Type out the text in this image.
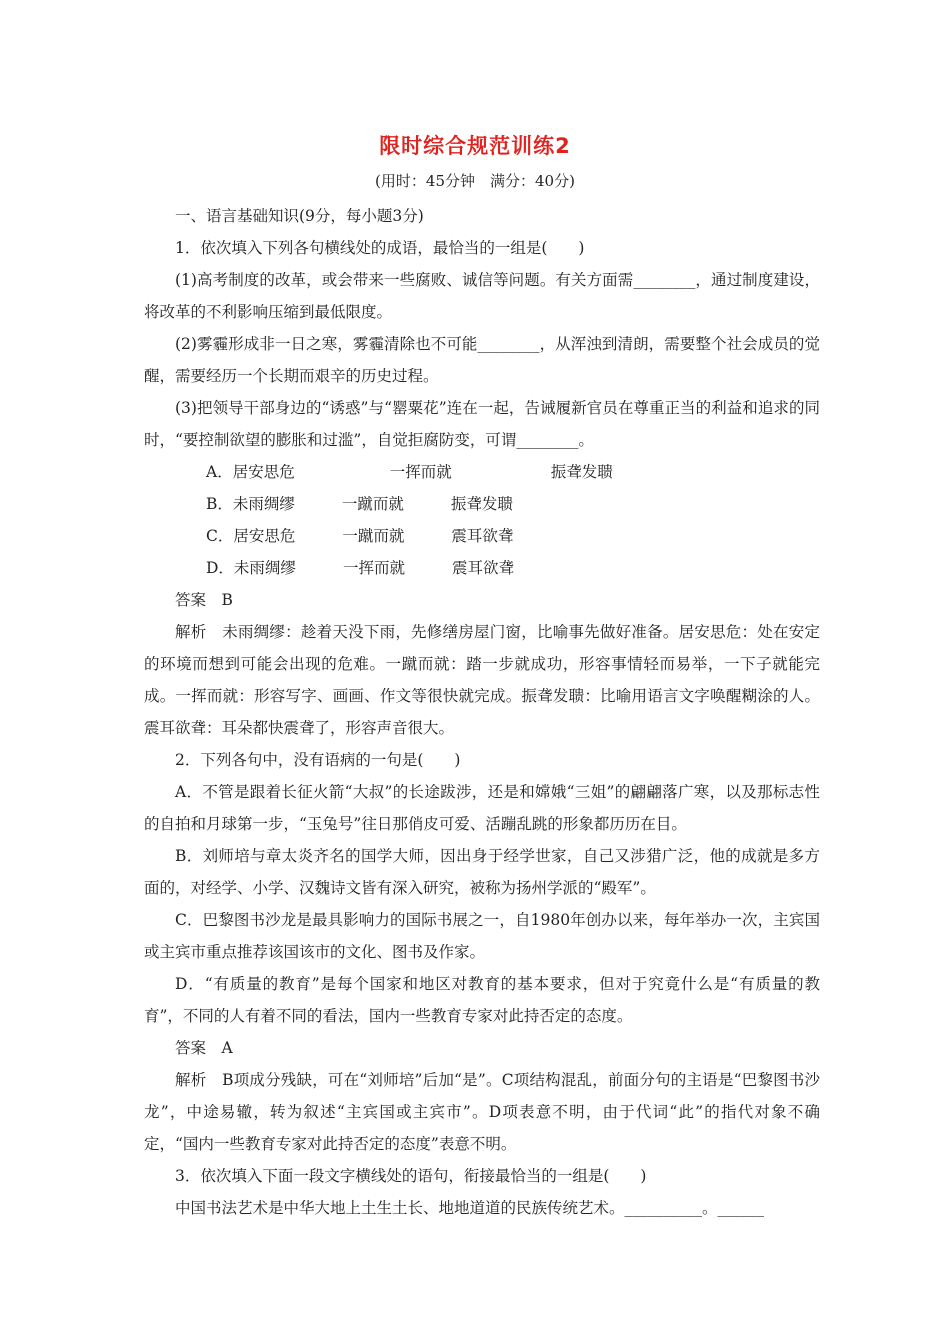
限时综合规范训练2

(用时：45分钟　满分：40分)

一、语言基础知识(9分，每小题3分)

1．依次填入下列各句横线处的成语，最恰当的一组是(　　)

(1)高考制度的改革，或会带来一些腐败、诚信等问题。有关方面需________，通过制度建设，将改革的不利影响压缩到最低限度。

(2)雾霾形成非一日之寒，雾霾清除也不可能________，从浑浊到清朗，需要整个社会成员的觉醒，需要经历一个长期而艰辛的历史过程。

(3)把领导干部身边的“诱惑”与“罂粟花”连在一起，告诫履新官员在尊重正当的利益和追求的同时，“要控制欲望的膨胀和过滥”，自觉拒腐防变，可谓________。

A．居安思危	一挥而就	振聋发聩

B．未雨绸缪	一蹴而就	振聋发聩

C．居安思危	一蹴而就	震耳欲聋

D．未雨绸缪	一挥而就	震耳欲聋

答案　B

解析　未雨绸缪：趁着天没下雨，先修缮房屋门窗，比喻事先做好准备。居安思危：处在安定的环境而想到可能会出现的危难。一蹴而就：踏一步就成功，形容事情轻而易举，一下子就能完成。一挥而就：形容写字、画画、作文等很快就完成。振聋发聩：比喻用语言文字唤醒糊涂的人。震耳欲聋：耳朵都快震聋了，形容声音很大。

2．下列各句中，没有语病的一句是(　　)

A．不管是跟着长征火箭“大叔”的长途跋涉，还是和嫦娥“三姐”的翩翩落广寒，以及那标志性的自拍和月球第一步，“玉兔号”往日那俏皮可爱、活蹦乱跳的形象都历历在目。

B．刘师培与章太炎齐名的国学大师，因出身于经学世家，自己又涉猎广泛，他的成就是多方面的，对经学、小学、汉魏诗文皆有深入研究，被称为扬州学派的“殿军”。

C．巴黎图书沙龙是最具影响力的国际书展之一，自1980年创办以来，每年举办一次，主宾国或主宾市重点推荐该国该市的文化、图书及作家。

D．“有质量的教育”是每个国家和地区对教育的基本要求，但对于究竟什么是“有质量的教育”，不同的人有着不同的看法，国内一些教育专家对此持否定的态度。

答案　A

解析　B项成分残缺，可在“刘师培”后加“是”。C项结构混乱，前面分句的主语是“巴黎图书沙龙”，中途易辙，转为叙述“主宾国或主宾市”。D项表意不明，由于代词“此”的指代对象不确定，“国内一些教育专家对此持否定的态度”表意不明。

3．依次填入下面一段文字横线处的语句，衔接最恰当的一组是(　　)

中国书法艺术是中华大地上土生土长、地地道道的民族传统艺术。__________。______
